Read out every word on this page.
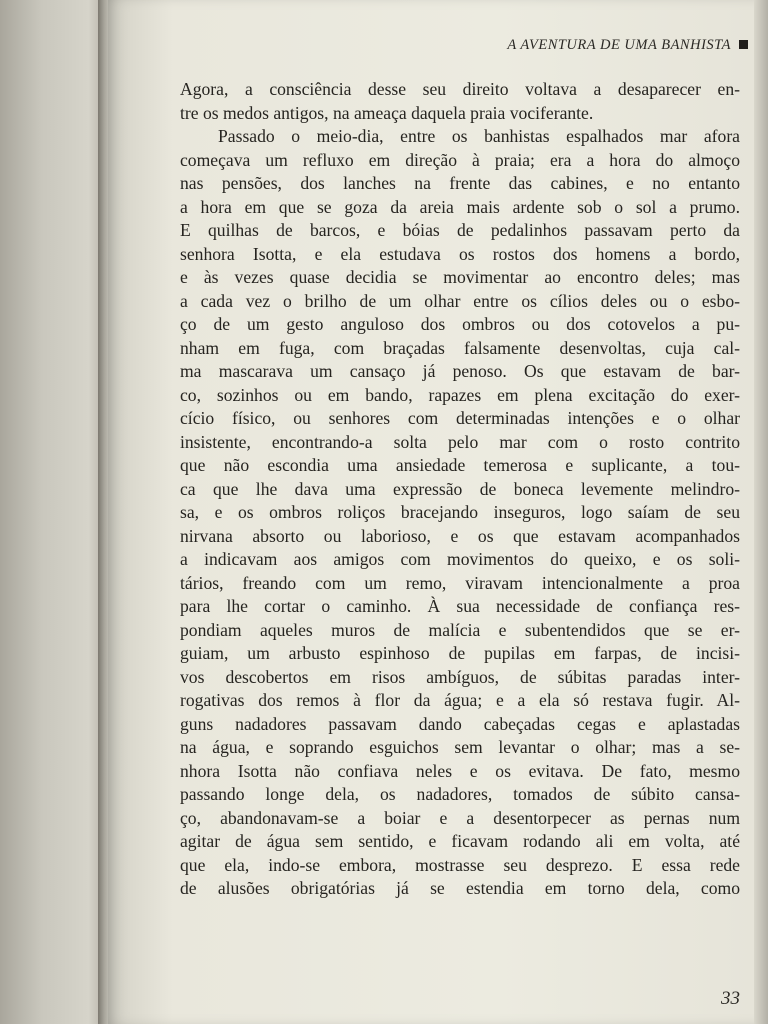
A AVENTURA DE UMA BANHISTA
Agora, a consciência desse seu direito voltava a desaparecer en-
tre os medos antigos, na ameaça daquela praia vociferante.
Passado o meio-dia, entre os banhistas espalhados mar afora
começava um refluxo em direção à praia; era a hora do almoço
nas pensões, dos lanches na frente das cabines, e no entanto
a hora em que se goza da areia mais ardente sob o sol a prumo.
E quilhas de barcos, e bóias de pedalinhos passavam perto da
senhora Isotta, e ela estudava os rostos dos homens a bordo,
e às vezes quase decidia se movimentar ao encontro deles; mas
a cada vez o brilho de um olhar entre os cílios deles ou o esbo-
ço de um gesto anguloso dos ombros ou dos cotovelos a pu-
nham em fuga, com braçadas falsamente desenvoltas, cuja cal-
ma mascarava um cansaço já penoso. Os que estavam de bar-
co, sozinhos ou em bando, rapazes em plena excitação do exer-
cício físico, ou senhores com determinadas intenções e o olhar
insistente, encontrando-a solta pelo mar com o rosto contrito
que não escondia uma ansiedade temerosa e suplicante, a tou-
ca que lhe dava uma expressão de boneca levemente melindro-
sa, e os ombros roliços bracejando inseguros, logo saíam de seu
nirvana absorto ou laborioso, e os que estavam acompanhados
a indicavam aos amigos com movimentos do queixo, e os soli-
tários, freando com um remo, viravam intencionalmente a proa
para lhe cortar o caminho. À sua necessidade de confiança res-
pondiam aqueles muros de malícia e subentendidos que se er-
guiam, um arbusto espinhoso de pupilas em farpas, de incisi-
vos descobertos em risos ambíguos, de súbitas paradas inter-
rogativas dos remos à flor da água; e a ela só restava fugir. Al-
guns nadadores passavam dando cabeçadas cegas e aplastadas
na água, e soprando esguichos sem levantar o olhar; mas a se-
nhora Isotta não confiava neles e os evitava. De fato, mesmo
passando longe dela, os nadadores, tomados de súbito cansa-
ço, abandonavam-se a boiar e a desentorpecer as pernas num
agitar de água sem sentido, e ficavam rodando ali em volta, até
que ela, indo-se embora, mostrasse seu desprezo. E essa rede
de alusões obrigatórias já se estendia em torno dela, como
33
